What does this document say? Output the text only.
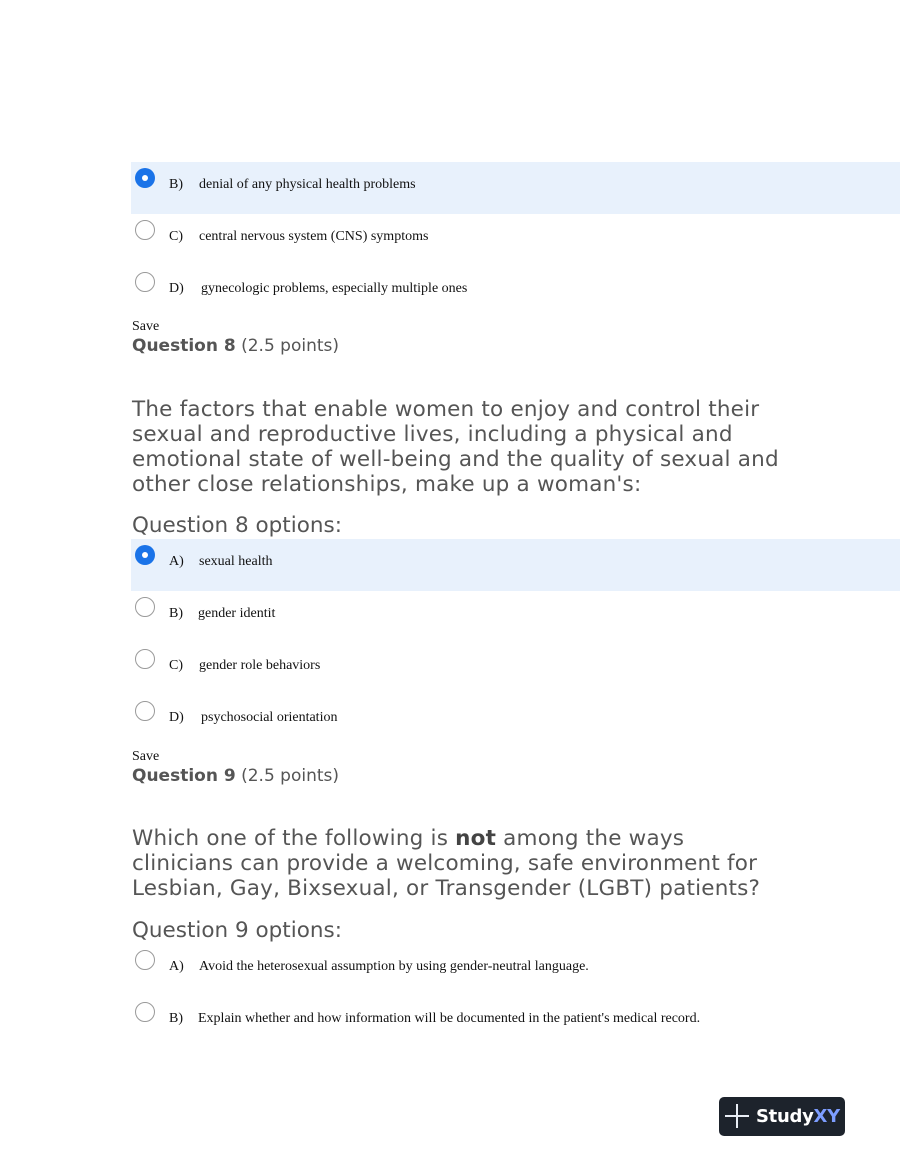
B) denial of any physical health problems
C) central nervous system (CNS) symptoms
D) gynecologic problems, especially multiple ones
Save
Question 8 (2.5 points)
The factors that enable women to enjoy and control their sexual and reproductive lives, including a physical and emotional state of well-being and the quality of sexual and other close relationships, make up a woman's:
Question 8 options:
A) sexual health
B) gender identit
C) gender role behaviors
D) psychosocial orientation
Save
Question 9 (2.5 points)
Which one of the following is not among the ways clinicians can provide a welcoming, safe environment for Lesbian, Gay, Bixsexual, or Transgender (LGBT) patients?
Question 9 options:
A) Avoid the heterosexual assumption by using gender-neutral language.
B) Explain whether and how information will be documented in the patient's medical record.
StudyXY
